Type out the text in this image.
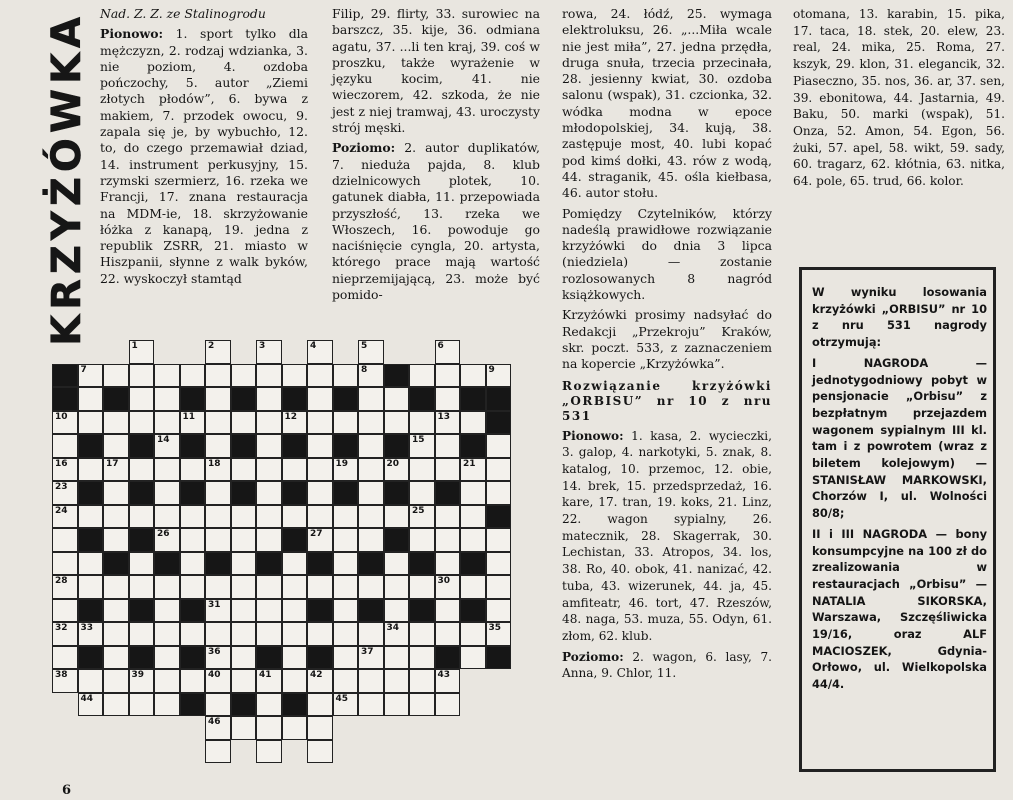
KRZYŻÓWKA Nad. Z. Z. ze Stalinogrodu

Pionowo: 1. sport tylko dla mężczyzn, 2. rodzaj wdzianka, 3. nie poziom, 4. ozdoba pończochy, 5. autor „Ziemi złotych płodów”, 6. bywa z makiem, 7. przodek owocu, 9. zapala się je, by wybuchło, 12. to, do czego przemawiał dziad, 14. instrument perkusyjny, 15. rzymski szermierz, 16. rzeka we Francji, 17. znana restauracja na MDM-ie, 18. skrzyżowanie łóżka z kanapą, 19. jedna z republik ZSRR, 21. miasto w Hiszpanii, słynne z walk byków, 22. wyskoczył stamtąd

Filip, 29. flirty, 33. surowiec na barszcz, 35. kije, 36. odmiana agatu, 37. ...li ten kraj, 39. coś w proszku, także wyrażenie w języku kocim, 41. nie wieczorem, 42. szkoda, że nie jest z niej tramwaj, 43. uroczysty strój męski.

Poziomo: 2. autor duplikatów, 7. nieduża pajda, 8. klub dzielnicowych plotek, 10. gatunek diabła, 11. przepowiada przyszłość, 13. rzeka we Włoszech, 16. powoduje go naciśnięcie cyngla, 20. artysta, którego prace mają wartość nieprzemijającą, 23. może być pomido-

rowa, 24. łódź, 25. wymaga elektroluksu, 26. „...Miła wcale nie jest miła”, 27. jedna przędła, druga snuła, trzecia przecinała, 28. jesienny kwiat, 30. ozdoba salonu (wspak), 31. czcionka, 32. wódka modna w epoce młodopolskiej, 34. kują, 38. zastępuje most, 40. lubi kopać pod kimś dołki, 43. rów z wodą, 44. straganik, 45. ośla kiełbasa, 46. autor stołu.

Pomiędzy Czytelników, którzy nadeślą prawidłowe rozwiązanie krzyżówki do dnia 3 lipca (niedziela) — zostanie rozlosowanych 8 nagród książkowych.

Krzyżówki prosimy nadsyłać do Redakcji „Przekroju” Kraków, skr. poczt. 533, z zaznaczeniem na kopercie „Krzyżówka”.

Rozwiązanie krzyżówki „ORBISU” nr 10 z nru 531

Pionowo: 1. kasa, 2. wycieczki, 3. galop, 4. narkotyki, 5. znak, 8. katalog, 10. przemoc, 12. obie, 14. brek, 15. przedsprzedaż, 16. kare, 17. tran, 19. koks, 21. Linz, 22. wagon sypialny, 26. matecznik, 28. Skagerrak, 30. Lechistan, 33. Atropos, 34. los, 38. Ro, 40. obok, 41. nanizać, 42. tuba, 43. wizerunek, 44. ja, 45. amfiteatr, 46. tort, 47. Rzeszów, 48. naga, 53. muza, 55. Odyn, 61. złom, 62. klub.

Poziomo: 2. wagon, 6. lasy, 7. Anna, 9. Chlor, 11.

otomana, 13. karabin, 15. pika, 17. taca, 18. stek, 20. elew, 23. real, 24. mika, 25. Roma, 27. kszyk, 29. klon, 31. elegancik, 32. Piaseczno, 35. nos, 36. ar, 37. sen, 39. ebonitowa, 44. Jastarnia, 49. Baku, 50. marki (wspak), 51. Onza, 52. Amon, 54. Egon, 56. żuki, 57. apel, 58. wikt, 59. sady, 60. tragarz, 62. kłótnia, 63. nitka, 64. pole, 65. trud, 66. kolor.

W wyniku losowania krzyżówki „ORBISU” nr 10 z nru 531 nagrody otrzymują:

I NAGRODA — jednotygodniowy pobyt w pensjonacie „Orbisu” z bezpłatnym przejazdem wagonem sypialnym III kl. tam i z powrotem (wraz z biletem kolejowym) — STANISŁAW MARKOWSKI, Chorzów I, ul. Wolności 80/8;

II i III NAGRODA — bony konsumpcyjne na 100 zł do zrealizowania w restauracjach „Orbisu” — NATALIA SIKORSKA, Warszawa, Szczęśliwicka 19/16, oraz ALF MACIOSZEK, Gdynia-Orłowo, ul. Wielkopolska 44/4.

1	2	3	4	5	6
7	8	9
10	11	12	13
14	15
16	17	18	19	20	21
23
24	25
26	27
28	30
31
32 33	34	35
36	37
38	39	40	41	42	43
44	45
46
6
